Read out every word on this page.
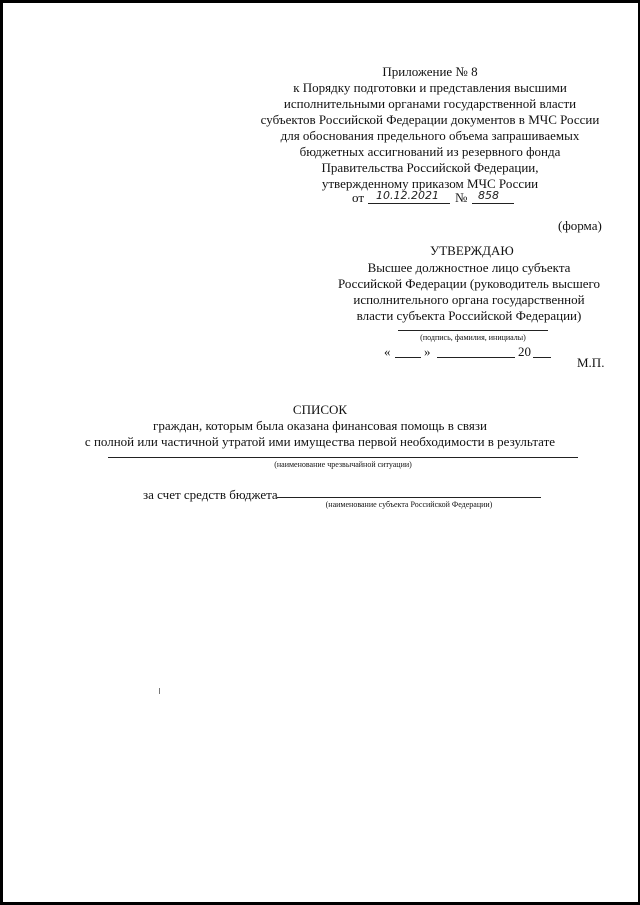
Приложение № 8
к Порядку подготовки и представления высшими
исполнительными органами государственной власти
субъектов Российской Федерации документов в МЧС России
для обоснования предельного объема запрашиваемых
бюджетных ассигнований из резервного фонда
Правительства Российской Федерации,
утвержденному приказом МЧС России
от 10.12.2021 № 858
(форма)
УТВЕРЖДАЮ
Высшее должностное лицо субъекта
Российской Федерации (руководитель высшего
исполнительного органа государственной
власти субъекта Российской Федерации)
(подпись, фамилия, инициалы)
«	»	20
М.П.
СПИСОК
граждан, которым была оказана финансовая помощь в связи
с полной или частичной утратой ими имущества первой необходимости в результате
(наименование чрезвычайной ситуации)
за счет средств бюджета
(наименование субъекта Российской Федерации)
